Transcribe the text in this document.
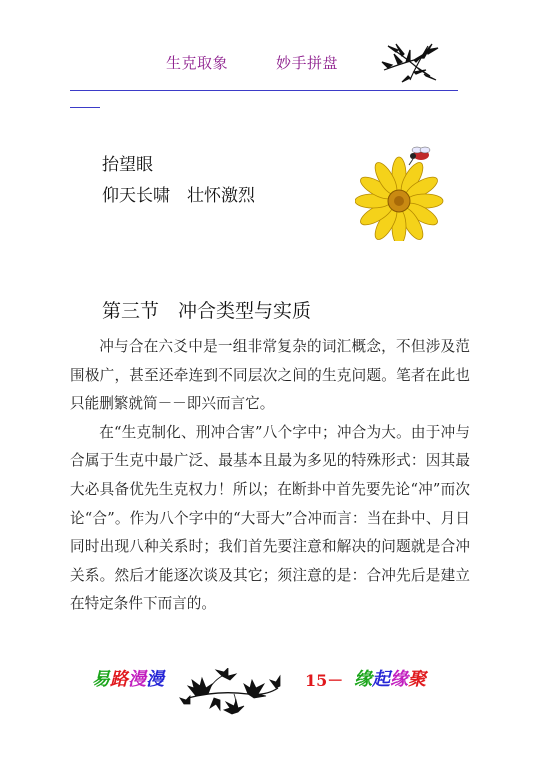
生克取象	妙手拼盘
抬望眼
仰天长啸　壮怀激烈
第三节　冲合类型与实质

冲与合在六爻中是一组非常复杂的词汇概念，不但涉及范围极广，甚至还牵连到不同层次之间的生克问题。笔者在此也只能删繁就简－－即兴而言它。

在“生克制化、刑冲合害”八个字中；冲合为大。由于冲与合属于生克中最广泛、最基本且最为多见的特殊形式：因其最大必具备优先生克权力！所以；在断卦中首先要先论“冲”而次论“合”。作为八个字中的“大哥大”合冲而言：当在卦中、月日同时出现八种关系时；我们首先要注意和解决的问题就是合冲关系。然后才能逐次谈及其它；须注意的是：合冲先后是建立在特定条件下而言的。

易路漫漫	15－ 缘起缘聚
